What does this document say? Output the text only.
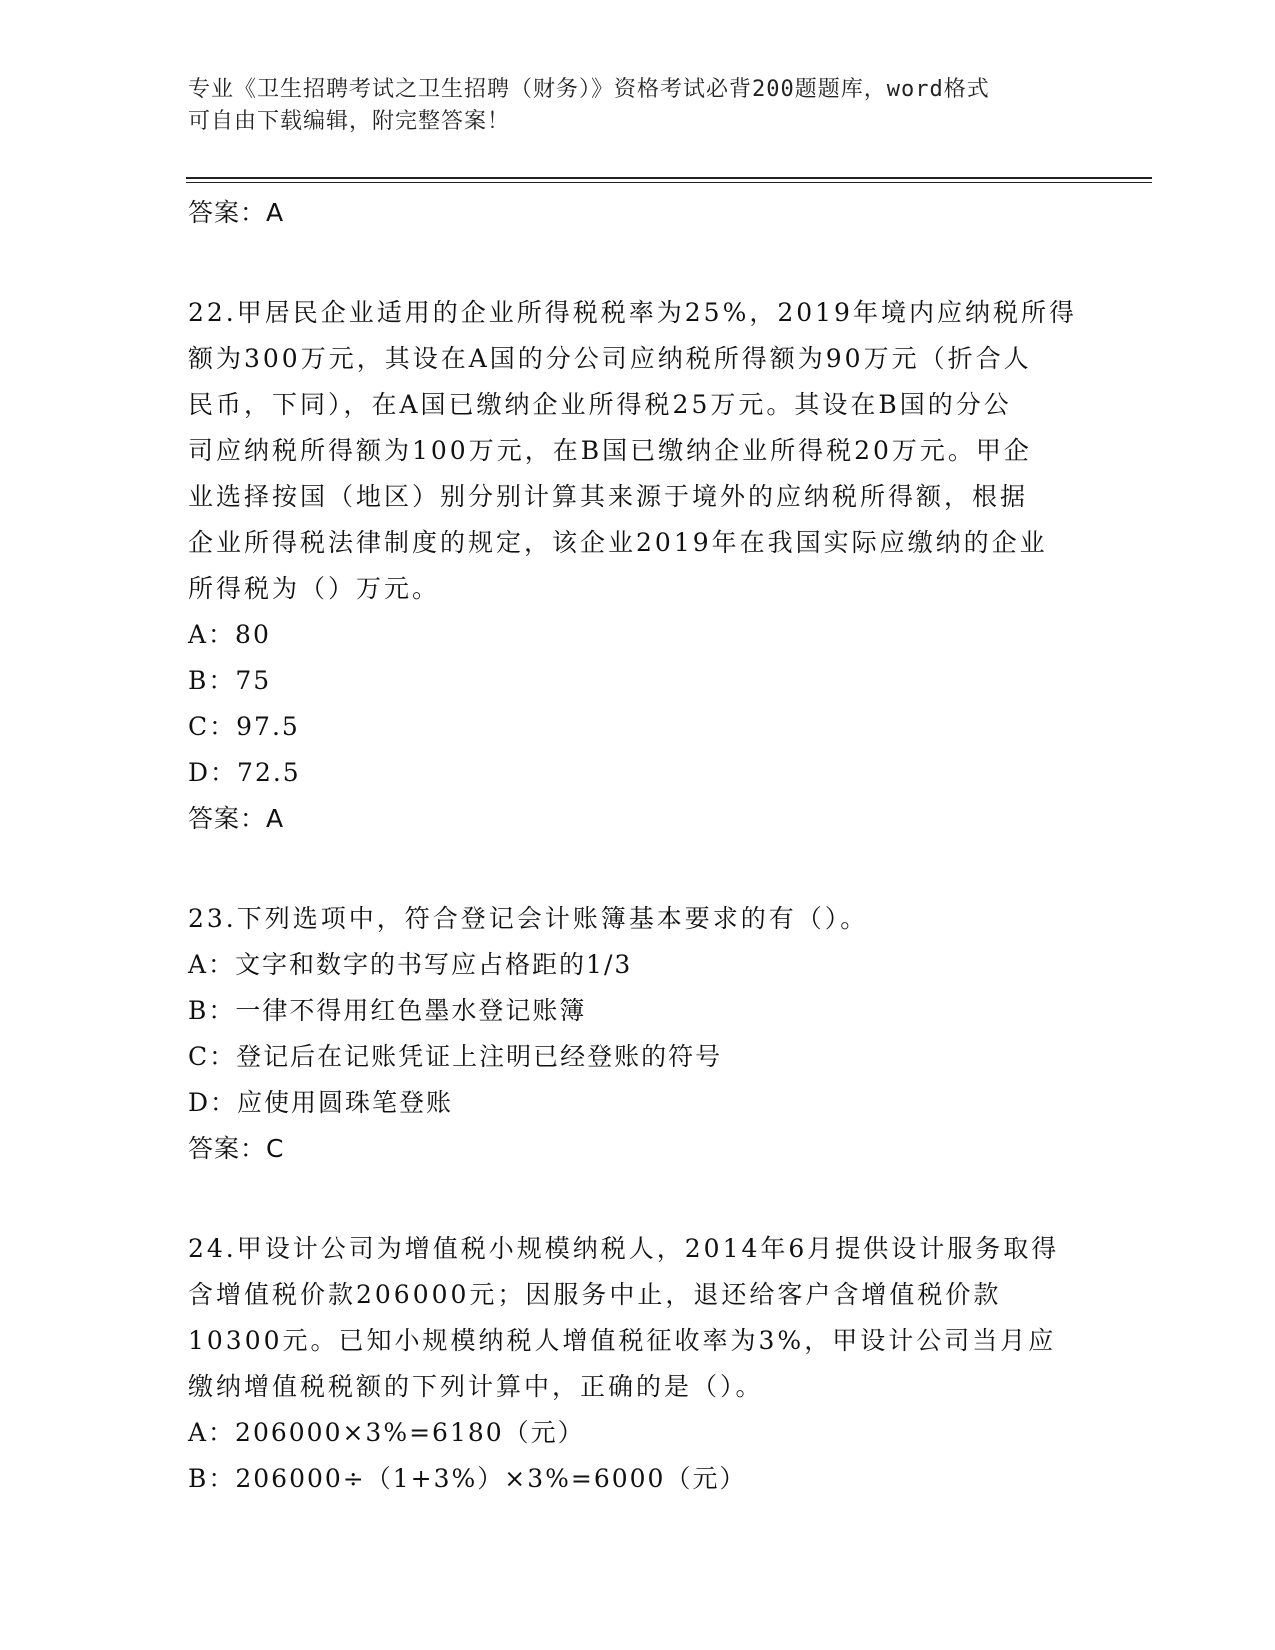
专业《卫生招聘考试之卫生招聘（财务）》资格考试必背200题题库，word格式
可自由下载编辑，附完整答案！
答案：A
22.甲居民企业适用的企业所得税税率为25%，2019年境内应纳税所得
额为300万元，其设在A国的分公司应纳税所得额为90万元（折合人
民币，下同），在A国已缴纳企业所得税25万元。其设在B国的分公
司应纳税所得额为100万元，在B国已缴纳企业所得税20万元。甲企
业选择按国（地区）别分别计算其来源于境外的应纳税所得额，根据
企业所得税法律制度的规定，该企业2019年在我国实际应缴纳的企业
所得税为（）万元。
A：80
B：75
C：97.5
D：72.5
答案：A
23.下列选项中，符合登记会计账簿基本要求的有（）。
A：文字和数字的书写应占格距的1/3
B：一律不得用红色墨水登记账簿
C：登记后在记账凭证上注明已经登账的符号
D：应使用圆珠笔登账
答案：C
24.甲设计公司为增值税小规模纳税人，2014年6月提供设计服务取得
含增值税价款206000元；因服务中止，退还给客户含增值税价款
10300元。已知小规模纳税人增值税征收率为3%，甲设计公司当月应
缴纳增值税税额的下列计算中，正确的是（）。
A：206000×3%=6180（元）
B：206000÷（1+3%）×3%=6000（元）
